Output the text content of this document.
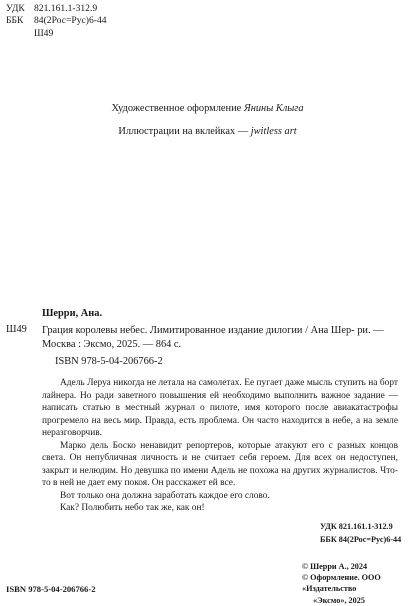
УДК 821.161.1-312.9
ББК	84(2Рос=Рус)6-44
Ш49
Художественное оформление Янины Клыга
Иллюстрации на вклейках — jwitless art
Шерри, Ана.
Ш49 Грация королевы небес. Лимитированное издание дилогии / Ана Шер- ри. — Москва : Эксмо, 2025. — 864 с.
ISBN 978-5-04-206766-2

Адель Леруа никогда не летала на самолетах. Ее пугает даже мысль ступить на борт лайнера. Но ради заветного повышения ей необходимо выполнить важное задание — написать статью в местный журнал о пилоте, имя которого после авиакатастрофы прогремело на весь мир. Правда, есть проблема. Он часто находится в небе, а на земле неразговорчив.

Марко дель Боско ненавидит репортеров, которые атакуют его с разных концов света. Он непубличная личность и не считает себя героем. Для всех он недоступен, закрыт и нелюдим. Но девушка по имени Адель не похожа на других журналистов. Что-то в ней не дает ему покоя. Он расскажет ей все.

Вот только она должна заработать каждое его слово.

Как? Полюбить небо так же, как он!

УДК 821.161.1-312.9
ББК 84(2Рос=Рус)6-44
© Шерри А., 2024
© Оформление. ООО «Издательство
«Эксмо», 2025
ISBN 978-5-04-206766-2
